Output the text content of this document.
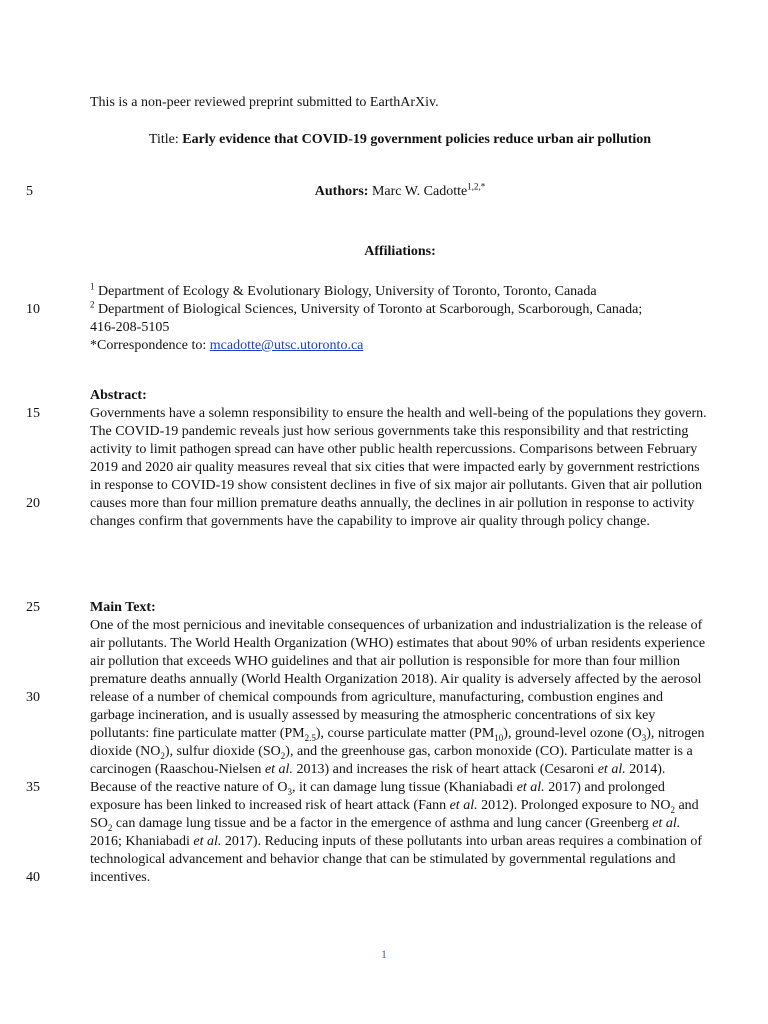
This is a non-peer reviewed preprint submitted to EarthArXiv.
Title: Early evidence that COVID-19 government policies reduce urban air pollution
Authors: Marc W. Cadotte$^{1,2,*}$
Affiliations:
$^1$ Department of Ecology & Evolutionary Biology, University of Toronto, Toronto, Canada
$^2$ Department of Biological Sciences, University of Toronto at Scarborough, Scarborough, Canada; 416-208-5105
*Correspondence to: mcadotte@utsc.utoronto.ca
Abstract:

Governments have a solemn responsibility to ensure the health and well-being of the populations they govern. The COVID-19 pandemic reveals just how serious governments take this responsibility and that restricting activity to limit pathogen spread can have other public health repercussions. Comparisons between February 2019 and 2020 air quality measures reveal that six cities that were impacted early by government restrictions in response to COVID-19 show consistent declines in five of six major air pollutants. Given that air pollution causes more than four million premature deaths annually, the declines in air pollution in response to activity changes confirm that governments have the capability to improve air quality through policy change.

Main Text:

One of the most pernicious and inevitable consequences of urbanization and industrialization is the release of air pollutants. The World Health Organization (WHO) estimates that about 90% of urban residents experience air pollution that exceeds WHO guidelines and that air pollution is responsible for more than four million premature deaths annually (World Health Organization 2018). Air quality is adversely affected by the aerosol release of a number of chemical compounds from agriculture, manufacturing, combustion engines and garbage incineration, and is usually assessed by measuring the atmospheric concentrations of six key pollutants: fine particulate matter $(PM_{2.5})$, course particulate matter $(PM_{10})$, ground-level ozone $(O_3)$, nitrogen dioxide $(NO_2)$, sulfur dioxide $(SO_2)$, and the greenhouse gas, carbon monoxide (CO). Particulate matter is a carcinogen (Raaschou-Nielsen et al. 2013) and increases the risk of heart attack (Cesaroni et al. 2014). Because of the reactive nature of $O_3$, it can damage lung tissue (Khaniabadi et al. 2017) and prolonged exposure has been linked to increased risk of heart attack (Fann et al. 2012). Prolonged exposure to $NO_2$ and $SO_2$ can damage lung tissue and be a factor in the emergence of asthma and lung cancer (Greenberg et al. 2016; Khaniabadi et al. 2017). Reducing inputs of these pollutants into urban areas requires a combination of technological advancement and behavior change that can be stimulated by governmental regulations and incentives.

5
10
15
20
25
30
35
40
1
